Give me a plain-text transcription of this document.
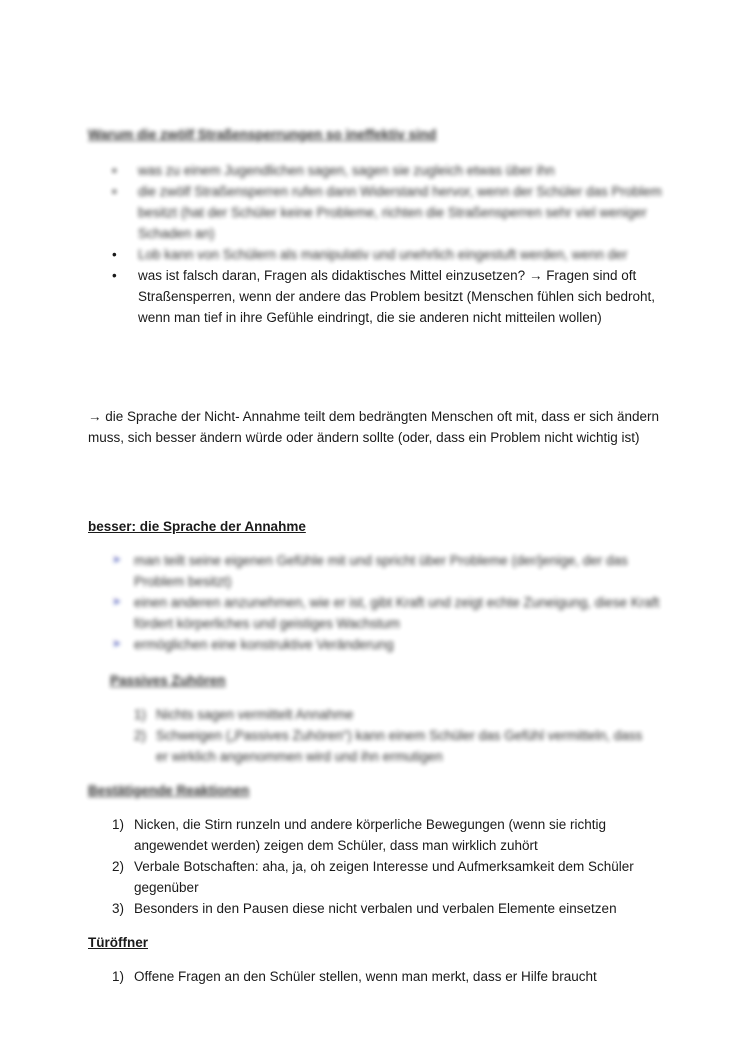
Warum die zwölf Straßensperrungen so ineffektiv sind
• was zu einem Jugendlichen sagen, sagen sie zugleich etwas über ihn
• die zwölf Straßensperren rufen dann Widerstand hervor, wenn der Schüler das Problem besitzt (hat der Schüler keine Probleme, richten die Straßensperren sehr viel weniger Schaden an)
• Lob kann von Schülern als manipulativ und unehrlich eingestuft werden, wenn der
• was ist falsch daran, Fragen als didaktisches Mittel einzusetzen? → Fragen sind oft Straßensperren, wenn der andere das Problem besitzt (Menschen fühlen sich bedroht, wenn man tief in ihre Gefühle eindringt, die sie anderen nicht mitteilen wollen)
→ die Sprache der Nicht- Annahme teilt dem bedrängten Menschen oft mit, dass er sich ändern muss, sich besser ändern würde oder ändern sollte (oder, dass ein Problem nicht wichtig ist)
besser: die Sprache der Annahme
➤ man teilt seine eigenen Gefühle mit und spricht über Probleme (der/jenige, der das Problem besitzt)
➤ einen anderen anzunehmen, wie er ist, gibt Kraft und zeigt echte Zuneigung, diese Kraft fördert körperliches und geistiges Wachstum
➤ ermöglichen eine konstruktive Veränderung
Passives Zuhören
1) Nichts sagen vermittelt Annahme
2) Schweigen („Passives Zuhören“) kann einem Schüler das Gefühl vermitteln, dass er wirklich angenommen wird und ihn ermutigen
Bestätigende Reaktionen
1) Nicken, die Stirn runzeln und andere körperliche Bewegungen (wenn sie richtig angewendet werden) zeigen dem Schüler, dass man wirklich zuhört
2) Verbale Botschaften: aha, ja, oh zeigen Interesse und Aufmerksamkeit dem Schüler gegenüber
3) Besonders in den Pausen diese nicht verbalen und verbalen Elemente einsetzen
Türöffner
1) Offene Fragen an den Schüler stellen, wenn man merkt, dass er Hilfe braucht
